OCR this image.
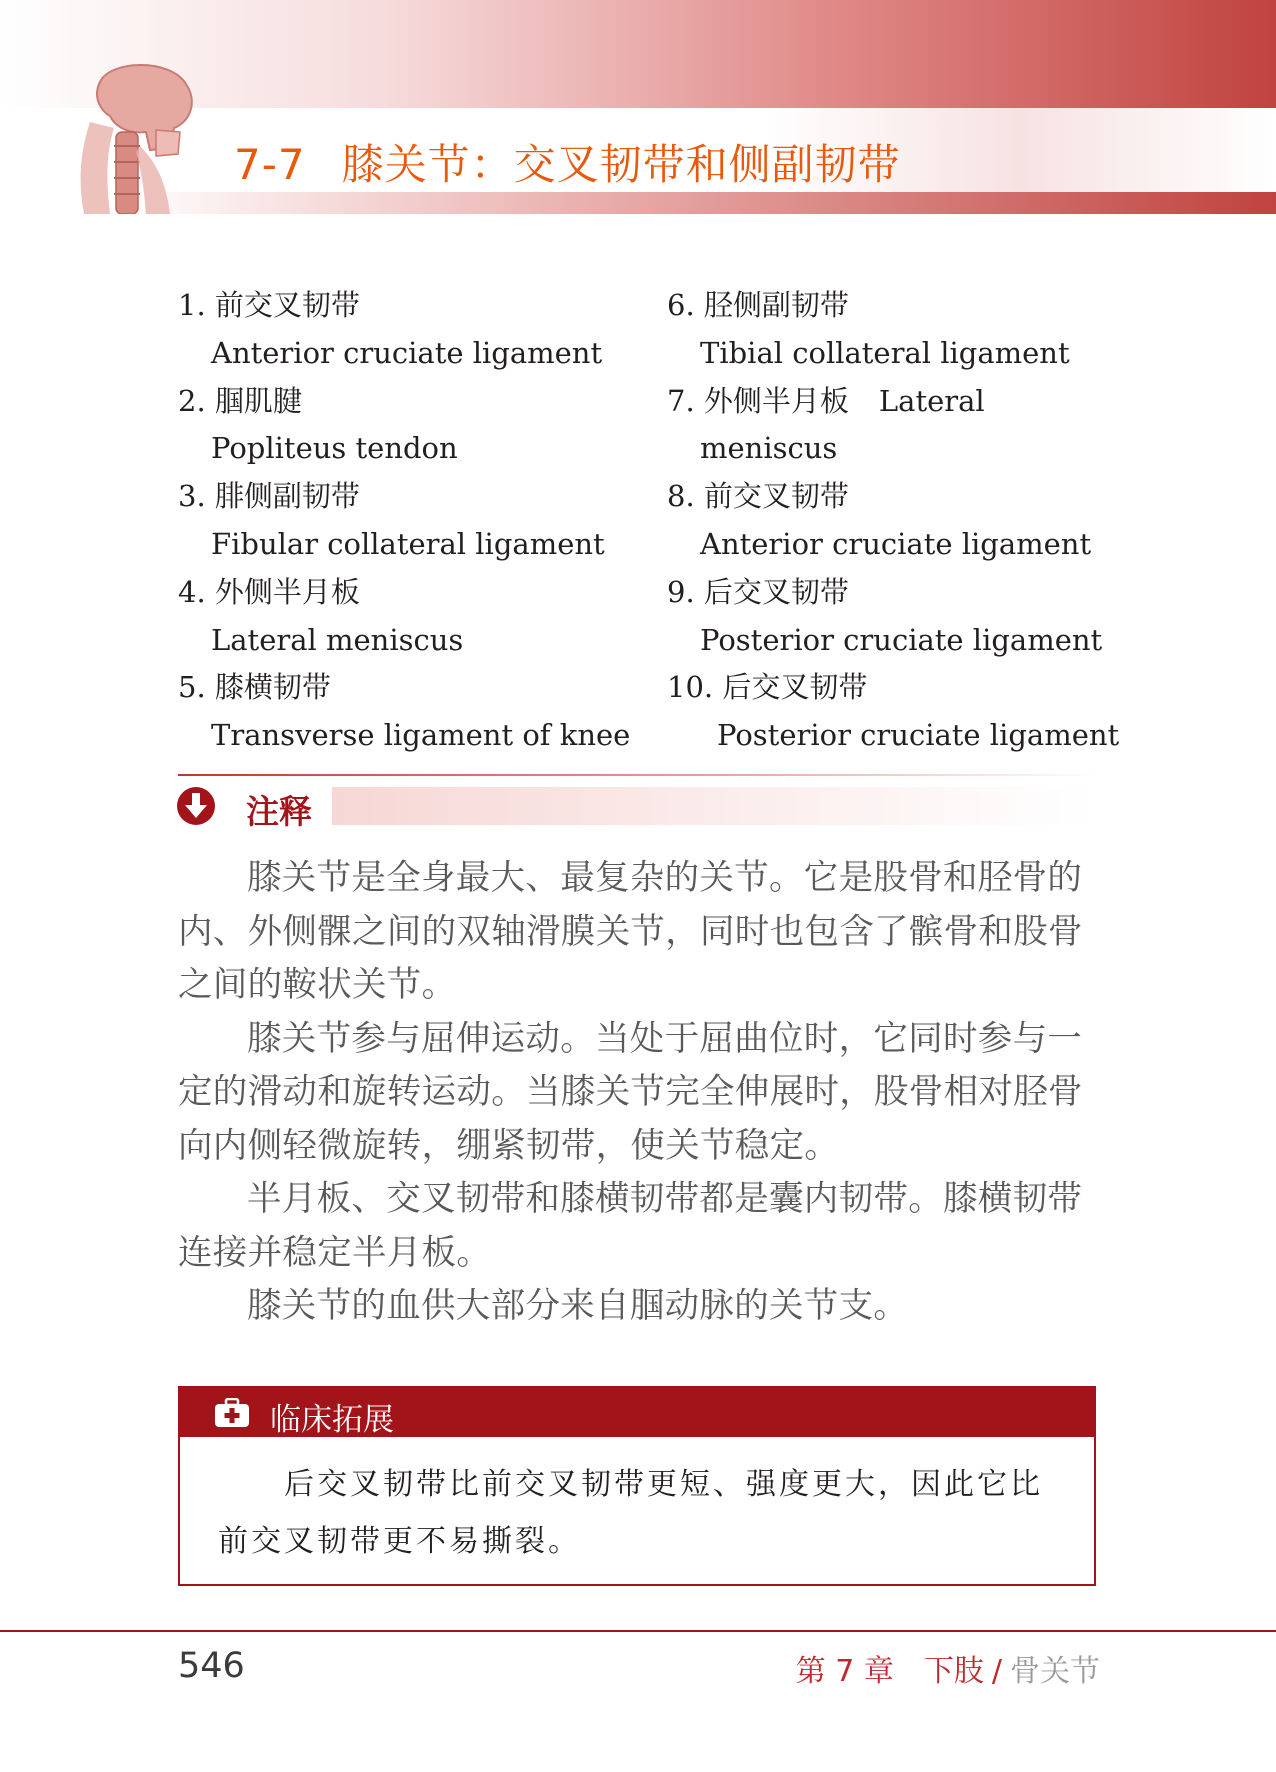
7-7 膝关节：交叉韧带和侧副韧带
1. 前交叉韧带
Anterior cruciate ligament
2. 腘肌腱
Popliteus tendon
3. 腓侧副韧带
Fibular collateral ligament
4. 外侧半月板
Lateral meniscus
5. 膝横韧带
Transverse ligament of knee
6. 胫侧副韧带
Tibial collateral ligament
7. 外侧半月板 Lateral
meniscus
8. 前交叉韧带
Anterior cruciate ligament
9. 后交叉韧带
Posterior cruciate ligament
10. 后交叉韧带
Posterior cruciate ligament
注释

膝关节是全身最大、最复杂的关节。它是股骨和胫骨的内、外侧髁之间的双轴滑膜关节，同时也包含了髌骨和股骨之间的鞍状关节。

膝关节参与屈伸运动。当处于屈曲位时，它同时参与一定的滑动和旋转运动。当膝关节完全伸展时，股骨相对胫骨向内侧轻微旋转，绷紧韧带，使关节稳定。

半月板、交叉韧带和膝横韧带都是囊内韧带。膝横韧带连接并稳定半月板。

膝关节的血供大部分来自腘动脉的关节支。

临床拓展

后交叉韧带比前交叉韧带更短、强度更大，因此它比前交叉韧带更不易撕裂。

546	第 7 章　下肢 / 骨关节
